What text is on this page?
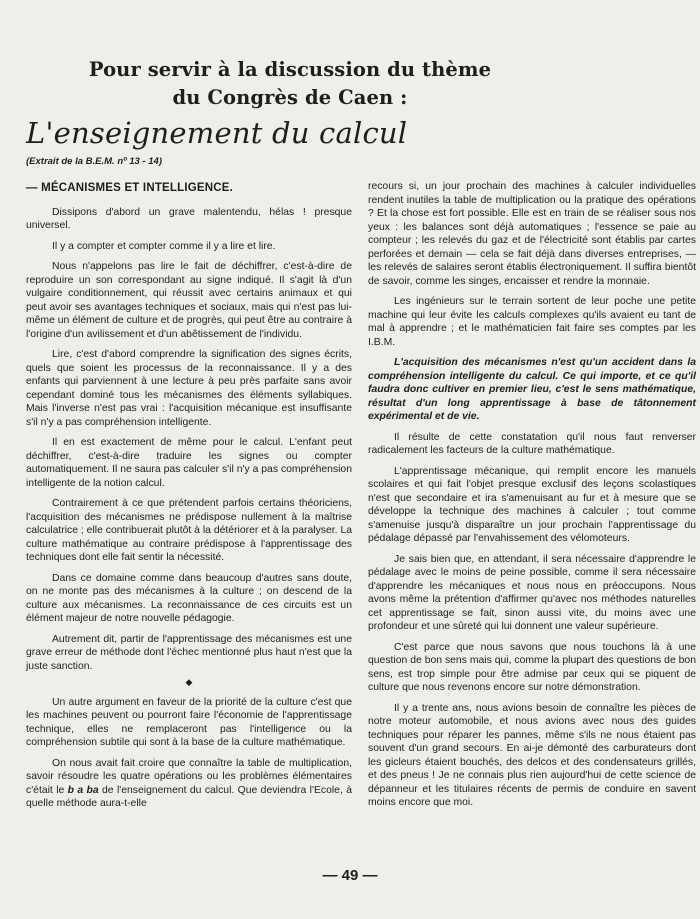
Pour servir à la discussion du thème
du Congrès de Caen :
L'enseignement du calcul
(Extrait de la B.E.M. nº 13 - 14)
— MÉCANISMES ET INTELLIGENCE.

Dissipons d'abord un grave malentendu, hélas ! presque universel.

Il y a compter et compter comme il y a lire et lire.

Nous n'appelons pas lire le fait de déchiffrer, c'est-à-dire de reproduire un son correspondant au signe indiqué. Il s'agit là d'un vulgaire conditionnement, qui réussit avec certains animaux et qui peut avoir ses avantages techniques et sociaux, mais qui n'est pas lui-même un élément de culture et de progrès, qui peut être au contraire à l'origine d'un avilissement et d'un abêtissement de l'individu.

Lire, c'est d'abord comprendre la signification des signes écrits, quels que soient les processus de la reconnaissance. Il y a des enfants qui parviennent à une lecture à peu près parfaite sans avoir cependant dominé tous les mécanismes des éléments syllabiques. Mais l'inverse n'est pas vrai : l'acquisition mécanique est insuffisante s'il n'y a pas compréhension intelligente.

Il en est exactement de même pour le calcul. L'enfant peut déchiffrer, c'est-à-dire traduire les signes ou compter automatiquement. Il ne saura pas calculer s'il n'y a pas compréhension intelligente de la notion calcul.

Contrairement à ce que prétendent parfois certains théoriciens, l'acquisition des mécanismes ne prédispose nullement à la maîtrise calculatrice ; elle contribuerait plutôt à la détériorer et à la paralyser. La culture mathématique au contraire prédispose à l'apprentissage des techniques dont elle fait sentir la nécessité.

Dans ce domaine comme dans beaucoup d'autres sans doute, on ne monte pas des mécanismes à la culture ; on descend de la culture aux mécanismes. La reconnaissance de ces circuits est un élément majeur de notre nouvelle pédagogie.

Autrement dit, partir de l'apprentissage des mécanismes est une grave erreur de méthode dont l'échec mentionné plus haut n'est que la juste sanction.

◆

Un autre argument en faveur de la priorité de la culture c'est que les machines peuvent ou pourront faire l'économie de l'apprentissage technique, elles ne remplaceront pas l'intelligence ou la compréhension subtile qui sont à la base de la culture mathématique.

On nous avait fait croire que connaître la table de multiplication, savoir résoudre les quatre opérations ou les problèmes élémentaires c'était le b a ba de l'enseignement du calcul. Que deviendra l'Ecole, à quelle méthode aura-t-elle

recours si, un jour prochain des machines à calculer individuelles rendent inutiles la table de multiplication ou la pratique des opérations ? Et la chose est fort possible. Elle est en train de se réaliser sous nos yeux : les balances sont déjà automatiques ; l'essence se paie au compteur ; les relevés du gaz et de l'électricité sont établis par cartes perforées et demain — cela se fait déjà dans diverses entreprises, — les relevés de salaires seront établis électroniquement. Il suffira bientôt de savoir, comme les singes, encaisser et rendre la monnaie.

Les ingénieurs sur le terrain sortent de leur poche une petite machine qui leur évite les calculs complexes qu'ils avaient eu tant de mal à apprendre ; et le mathématicien fait faire ses comptes par les I.B.M.

L'acquisition des mécanismes n'est qu'un accident dans la compréhension intelligente du calcul. Ce qui importe, et ce qu'il faudra donc cultiver en premier lieu, c'est le sens mathématique, résultat d'un long apprentissage à base de tâtonnement expérimental et de vie.

Il résulte de cette constatation qu'il nous faut renverser radicalement les facteurs de la culture mathématique.

L'apprentissage mécanique, qui remplit encore les manuels scolaires et qui fait l'objet presque exclusif des leçons scolastiques n'est que secondaire et ira s'amenuisant au fur et à mesure que se développe la technique des machines à calculer ; tout comme s'amenuise jusqu'à disparaître un jour prochain l'apprentissage du pédalage dépassé par l'envahissement des vélomoteurs.

Je sais bien que, en attendant, il sera nécessaire d'apprendre le pédalage avec le moins de peine possible, comme il sera nécessaire d'apprendre les mécaniques et nous nous en préoccupons. Nous avons même la prétention d'affirmer qu'avec nos méthodes naturelles cet apprentissage se fait, sinon aussi vite, du moins avec une profondeur et une sûreté qui lui donnent une valeur supérieure.

C'est parce que nous savons que nous touchons là à une question de bon sens mais qui, comme la plupart des questions de bon sens, est trop simple pour être admise par ceux qui se piquent de culture que nous revenons encore sur notre démonstration.

Il y a trente ans, nous avions besoin de connaître les pièces de notre moteur automobile, et nous avions avec nous des guides techniques pour réparer les pannes, même s'ils ne nous étaient pas souvent d'un grand secours. En ai-je démonté des carburateurs dont les gicleurs étaient bouchés, des delcos et des condensateurs grillés, et des pneus ! Je ne connais plus rien aujourd'hui de cette science de dépanneur et les titulaires récents de permis de conduire en savent moins encore que moi.

— 49 —
